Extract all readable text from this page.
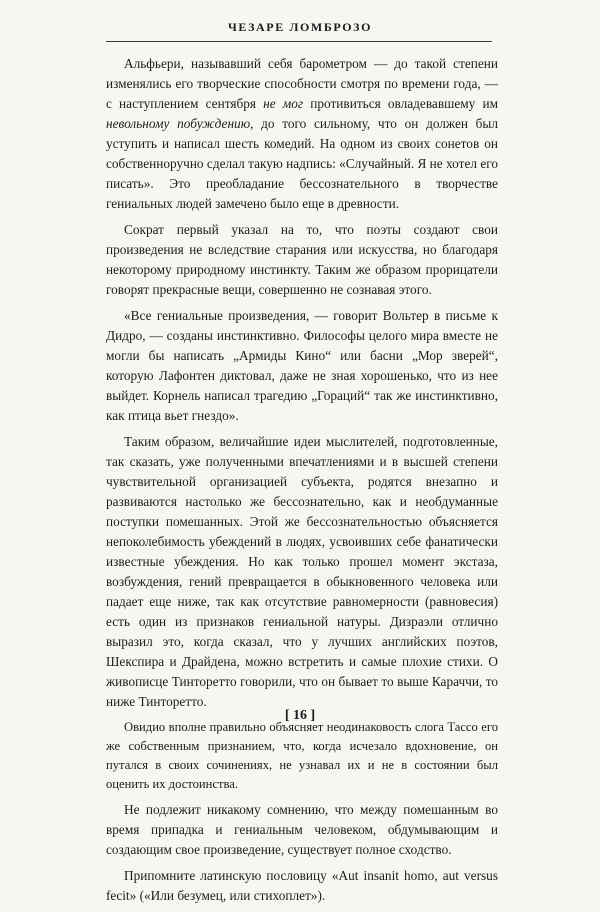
ЧЕЗАРЕ ЛОМБРОЗО

Альфьери, называвший себя барометром — до такой степени изменялись его творческие способности смотря по времени года, — с наступлением сентября не мог противиться овладевавшему им невольному побуждению, до того сильному, что он должен был уступить и написал шесть комедий. На одном из своих сонетов он собственноручно сделал такую надпись: «Случайный. Я не хотел его писать». Это преобладание бессознательного в творчестве гениальных людей замечено было еще в древности.

Сократ первый указал на то, что поэты создают свои произведения не вследствие старания или искусства, но благодаря некоторому природному инстинкту. Таким же образом прорицатели говорят прекрасные вещи, совершенно не сознавая этого.

«Все гениальные произведения, — говорит Вольтер в письме к Дидро, — созданы инстинктивно. Философы целого мира вместе не могли бы написать „Армиды Кино“ или басни „Мор зверей“, которую Лафонтен диктовал, даже не зная хорошенько, что из нее выйдет. Корнель написал трагедию „Гораций“ так же инстинктивно, как птица вьет гнездо».

Таким образом, величайшие идеи мыслителей, подготовленные, так сказать, уже полученными впечатлениями и в высшей степени чувствительной организацией субъекта, родятся внезапно и развиваются настолько же бессознательно, как и необдуманные поступки помешанных. Этой же бессознательностью объясняется непоколебимость убеждений в людях, усвоивших себе фанатически известные убеждения. Но как только прошел момент экстаза, возбуждения, гений превращается в обыкновенного человека или падает еще ниже, так как отсутствие равномерности (равновесия) есть один из признаков гениальной натуры. Дизраэли отлично выразил это, когда сказал, что у лучших английских поэтов, Шекспира и Драйдена, можно встретить и самые плохие стихи. О живописце Тинторетто говорили, что он бывает то выше Караччи, то ниже Тинторетто.

Овидио вполне правильно объясняет неодинаковость слога Тассо его же собственным признанием, что, когда исчезало вдохновение, он путался в своих сочинениях, не узнавал их и не в состоянии был оценить их достоинства.

Не подлежит никакому сомнению, что между помешанным во время припадка и гениальным человеком, обдумывающим и создающим свое произведение, существует полное сходство.

Припомните латинскую пословицу «Aut insanit homo, aut versus fecit» («Или безумец, или стихоплет»).

[ 16 ]
